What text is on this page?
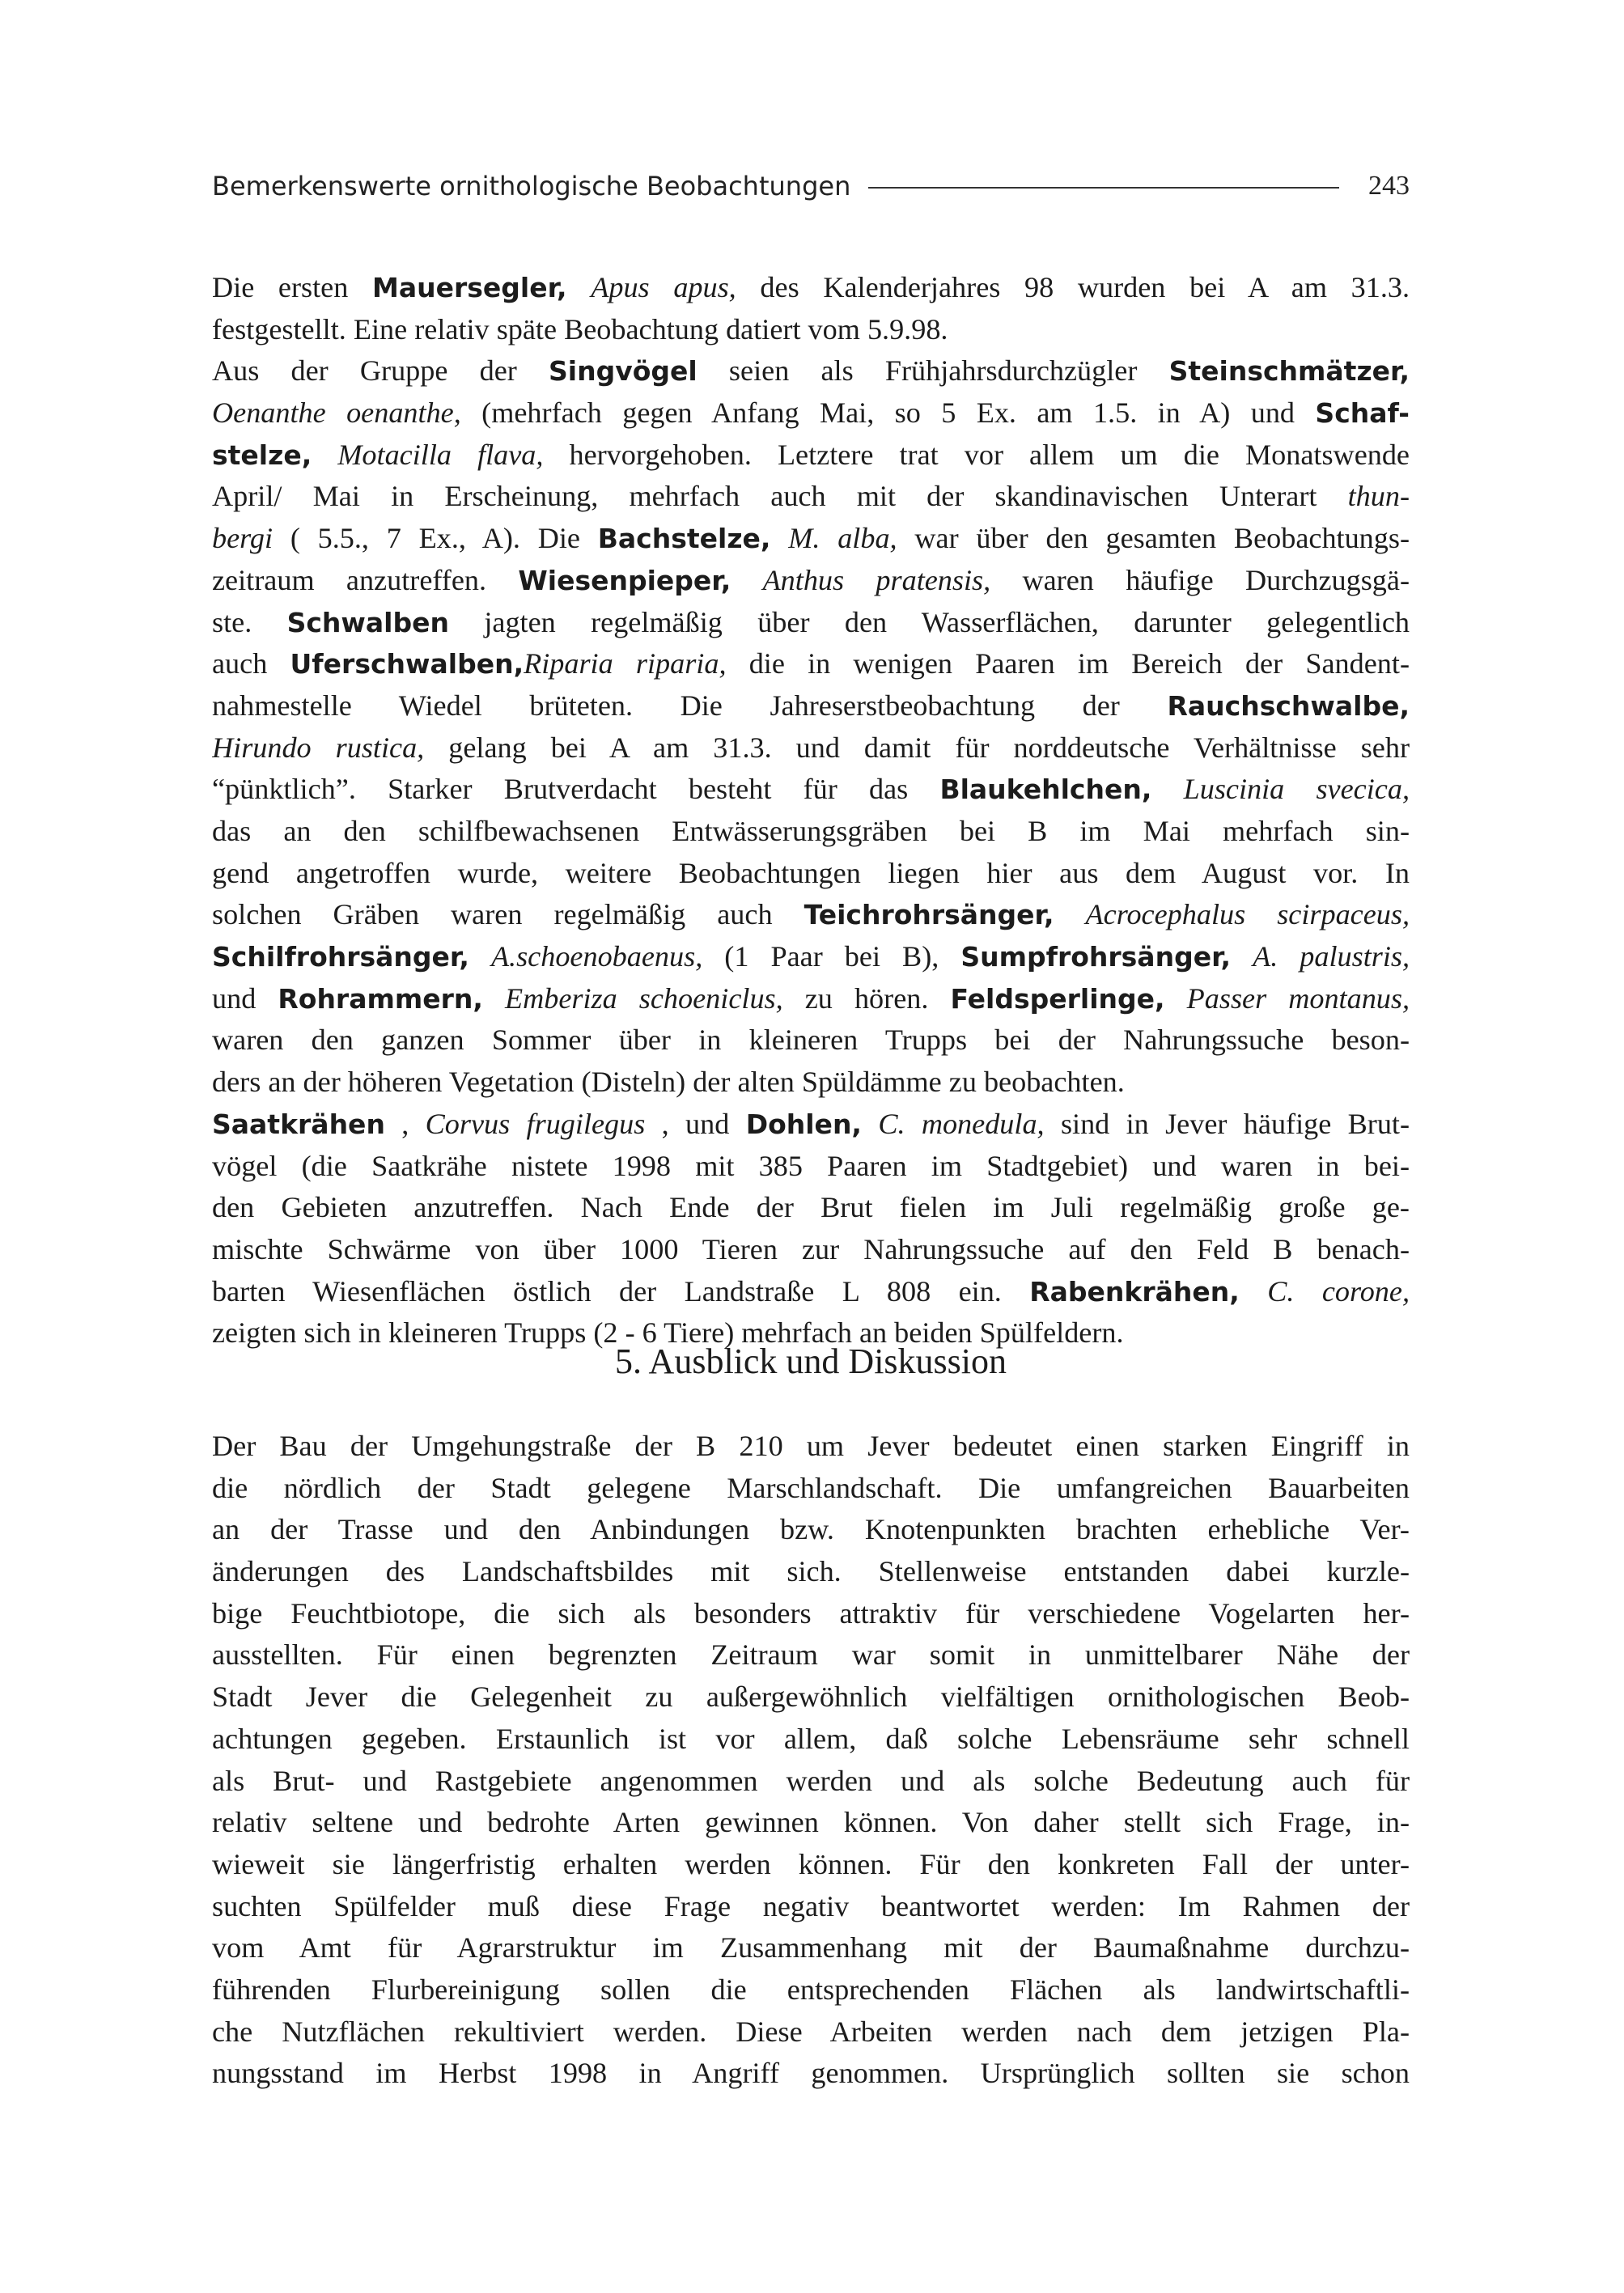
Bemerkenswerte ornithologische Beobachtungen	243
Die ersten Mauersegler, Apus apus, des Kalenderjahres 98 wurden bei A am 31.3.
festgestellt. Eine relativ späte Beobachtung datiert vom 5.9.98.
Aus der Gruppe der Singvögel seien als Frühjahrsdurchzügler Steinschmätzer,
Oenanthe oenanthe, (mehrfach gegen Anfang Mai, so 5 Ex. am 1.5. in A) und Schaf-
stelze, Motacilla flava, hervorgehoben. Letztere trat vor allem um die Monatswende
April/ Mai in Erscheinung, mehrfach auch mit der skandinavischen Unterart thun-
bergi ( 5.5., 7 Ex., A). Die Bachstelze, M. alba, war über den gesamten Beobachtungs-
zeitraum anzutreffen. Wiesenpieper, Anthus pratensis, waren häufige Durchzugsgä-
ste. Schwalben jagten regelmäßig über den Wasserflächen, darunter gelegentlich
auch Uferschwalben,Riparia riparia, die in wenigen Paaren im Bereich der Sandent-
nahmestelle Wiedel brüteten. Die Jahreserstbeobachtung der Rauchschwalbe,
Hirundo rustica, gelang bei A am 31.3. und damit für norddeutsche Verhältnisse sehr
“pünktlich”. Starker Brutverdacht besteht für das Blaukehlchen, Luscinia svecica,
das an den schilfbewachsenen Entwässerungsgräben bei B im Mai mehrfach sin-
gend angetroffen wurde, weitere Beobachtungen liegen hier aus dem August vor. In
solchen Gräben waren regelmäßig auch Teichrohrsänger, Acrocephalus scirpaceus,
Schilfrohrsänger, A.schoenobaenus, (1 Paar bei B), Sumpfrohrsänger, A. palustris,
und Rohrammern, Emberiza schoeniclus, zu hören. Feldsperlinge, Passer montanus,
waren den ganzen Sommer über in kleineren Trupps bei der Nahrungssuche beson-
ders an der höheren Vegetation (Disteln) der alten Spüldämme zu beobachten.
Saatkrähen , Corvus frugilegus , und Dohlen, C. monedula, sind in Jever häufige Brut-
vögel (die Saatkrähe nistete 1998 mit 385 Paaren im Stadtgebiet) und waren in bei-
den Gebieten anzutreffen. Nach Ende der Brut fielen im Juli regelmäßig große ge-
mischte Schwärme von über 1000 Tieren zur Nahrungssuche auf den Feld B benach-
barten Wiesenflächen östlich der Landstraße L 808 ein. Rabenkrähen, C. corone,
zeigten sich in kleineren Trupps (2 - 6 Tiere) mehrfach an beiden Spülfeldern.
5. Ausblick und Diskussion
Der Bau der Umgehungstraße der B 210 um Jever bedeutet einen starken Eingriff in
die nördlich der Stadt gelegene Marschlandschaft. Die umfangreichen Bauarbeiten
an der Trasse und den Anbindungen bzw. Knotenpunkten brachten erhebliche Ver-
änderungen des Landschaftsbildes mit sich. Stellenweise entstanden dabei kurzle-
bige Feuchtbiotope, die sich als besonders attraktiv für verschiedene Vogelarten her-
ausstellten. Für einen begrenzten Zeitraum war somit in unmittelbarer Nähe der
Stadt Jever die Gelegenheit zu außergewöhnlich vielfältigen ornithologischen Beob-
achtungen gegeben. Erstaunlich ist vor allem, daß solche Lebensräume sehr schnell
als Brut- und Rastgebiete angenommen werden und als solche Bedeutung auch für
relativ seltene und bedrohte Arten gewinnen können. Von daher stellt sich Frage, in-
wieweit sie längerfristig erhalten werden können. Für den konkreten Fall der unter-
suchten Spülfelder muß diese Frage negativ beantwortet werden: Im Rahmen der
vom Amt für Agrarstruktur im Zusammenhang mit der Baumaßnahme durchzu-
führenden Flurbereinigung sollen die entsprechenden Flächen als landwirtschaftli-
che Nutzflächen rekultiviert werden. Diese Arbeiten werden nach dem jetzigen Pla-
nungsstand im Herbst 1998 in Angriff genommen. Ursprünglich sollten sie schon
